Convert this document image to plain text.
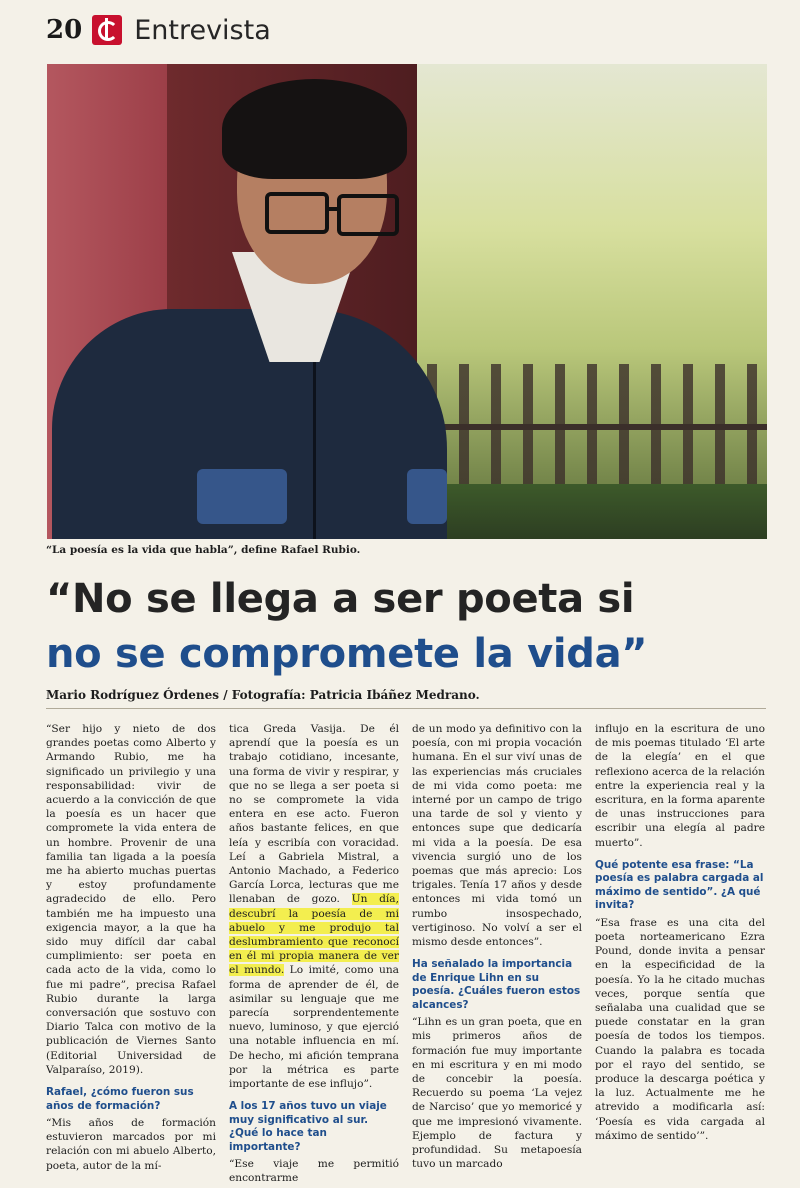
20 Entrevista
“La poesía es la vida que habla”, define Rafael Rubio.
“No se llega a ser poeta si
no se compromete la vida”
Mario Rodríguez Órdenes / Fotografía: Patricia Ibáñez Medrano.

“Ser hijo y nieto de dos grandes poetas como Alberto y Armando Rubio, me ha significado un privilegio y una responsabilidad: vivir de acuerdo a la convicción de que la poesía es un hacer que compromete la vida entera de un hombre. Provenir de una familia tan ligada a la poesía me ha abierto muchas puertas y estoy profundamente agradecido de ello. Pero también me ha impuesto una exigencia mayor, a la que ha sido muy difícil dar cabal cumplimiento: ser poeta en cada acto de la vida, como lo fue mi padre”, precisa Rafael Rubio durante la larga conversación que sostuvo con Diario Talca con motivo de la publicación de Viernes Santo (Editorial Universidad de Valparaíso, 2019).

Rafael, ¿cómo fueron sus años de formación?

“Mis años de formación estuvieron marcados por mi relación con mi abuelo Alberto, poeta, autor de la mí-

tica Greda Vasija. De él aprendí que la poesía es un trabajo cotidiano, incesante, una forma de vivir y respirar, y que no se llega a ser poeta si no se compromete la vida entera en ese acto. Fueron años bastante felices, en que leía y escribía con voracidad. Leí a Gabriela Mistral, a Antonio Machado, a Federico García Lorca, lecturas que me llenaban de gozo. Un día, descubrí la poesía de mi abuelo y me produjo tal deslumbramiento que reconocí en él mi propia manera de ver el mundo. Lo imité, como una forma de aprender de él, de asimilar su lenguaje que me parecía sorprendentemente nuevo, luminoso, y que ejerció una notable influencia en mí. De hecho, mi afición temprana por la métrica es parte importante de ese influjo”.

A los 17 años tuvo un viaje muy significativo al sur. ¿Qué lo hace tan importante?

“Ese viaje me permitió encontrarme

de un modo ya definitivo con la poesía, con mi propia vocación humana. En el sur viví unas de las experiencias más cruciales de mi vida como poeta: me interné por un campo de trigo una tarde de sol y viento y entonces supe que dedicaría mi vida a la poesía. De esa vivencia surgió uno de los poemas que más aprecio: Los trigales. Tenía 17 años y desde entonces mi vida tomó un rumbo insospechado, vertiginoso. No volví a ser el mismo desde entonces”.

Ha señalado la importancia de Enrique Lihn en su poesía. ¿Cuáles fueron estos alcances?

“Lihn es un gran poeta, que en mis primeros años de formación fue muy importante en mi escritura y en mi modo de concebir la poesía. Recuerdo su poema ‘La vejez de Narciso’ que yo memoricé y que me impresionó vivamente. Ejemplo de factura y profundidad. Su metapoesía tuvo un marcado

influjo en la escritura de uno de mis poemas titulado ‘El arte de la elegía’ en el que reflexiono acerca de la relación entre la experiencia real y la escritura, en la forma aparente de unas instrucciones para escribir una elegía al padre muerto”.

Qué potente esa frase: “La poesía es palabra cargada al máximo de sentido”. ¿A qué invita?

“Esa frase es una cita del poeta norteamericano Ezra Pound, donde invita a pensar en la especificidad de la poesía. Yo la he citado muchas veces, porque sentía que señalaba una cualidad que se puede constatar en la gran poesía de todos los tiempos. Cuando la palabra es tocada por el rayo del sentido, se produce la descarga poética y la luz. Actualmente me he atrevido a modificarla así: ‘Poesía es vida cargada al máximo de sentido’”.
